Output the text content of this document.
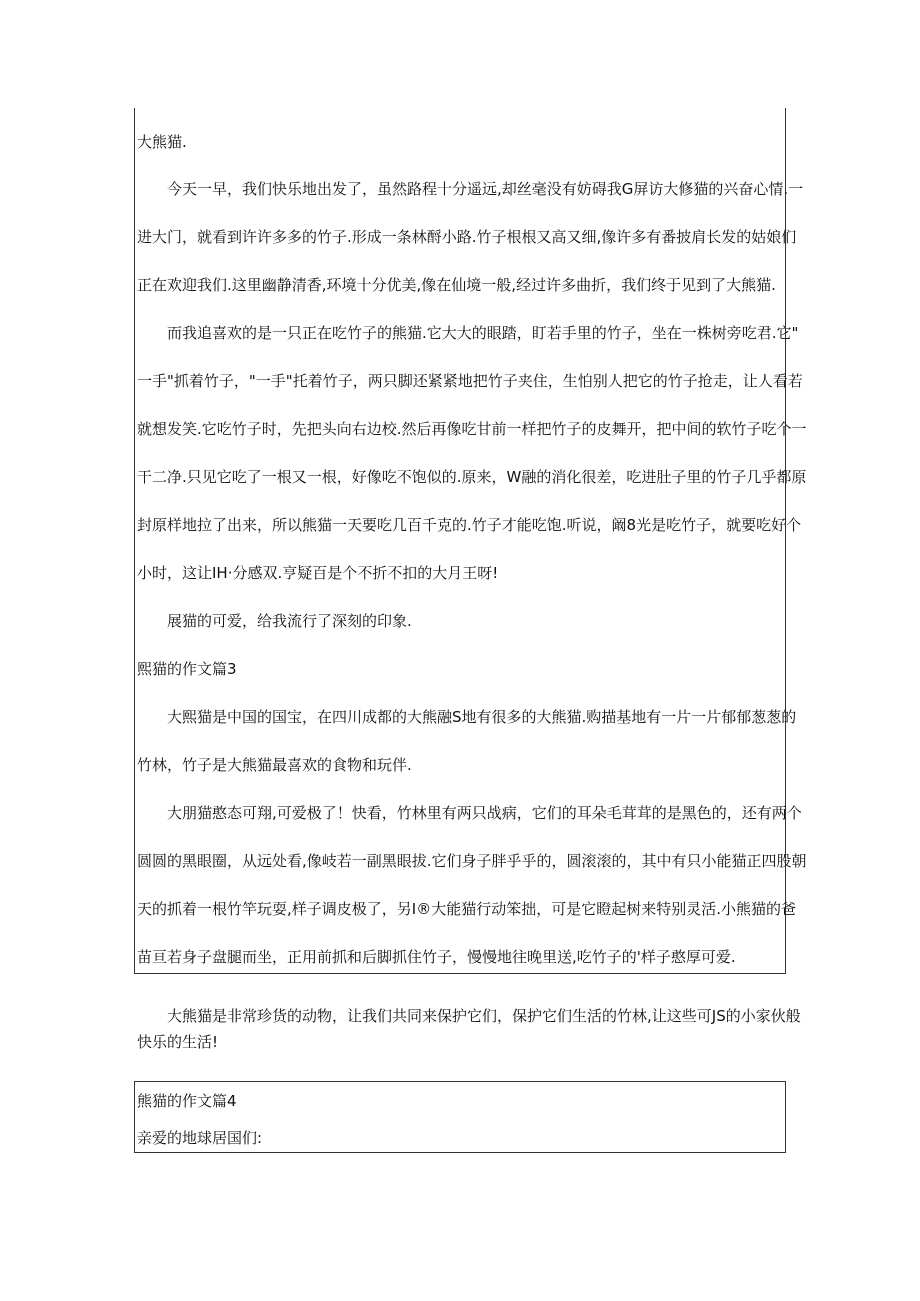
大熊猫.
今天一早，我们快乐地出发了，虽然路程十分遥远,却丝毫没有妨碍我G屏访大修猫的兴奋心情.一
进大门，就看到许许多多的竹子.形成一条林酹小路.竹子根根又高又细,像许多有番披肩长发的姑娘们
正在欢迎我们.这里幽静清香,环境十分优美,像在仙境一般,经过许多曲折，我们终于见到了大熊猫.
而我追喜欢的是一只正在吃竹子的熊猫.它大大的眼踏，盯若手里的竹子，坐在一株树旁吃君.它"
一手"抓着竹子，"一手"托着竹子，两只脚还紧紧地把竹子夹住，生怕别人把它的竹子抢走，让人看若
就想发笑.它吃竹子时，先把头向右边校.然后再像吃甘前一样把竹子的皮舞开，把中间的软竹子吃个一
干二净.只见它吃了一根又一根，好像吃不饱似的.原来，W融的消化很差，吃进肚子里的竹子几乎都原
封原样地拉了出来，所以熊猫一天要吃几百千克的.竹子才能吃饱.听说，阚8光是吃竹子，就要吃好个
小时，这让IH·分感双.亨疑百是个不折不扣的大月王呀!
展猫的可爱，给我流行了深刻的印象.
熙猫的作文篇3
大熙猫是中国的国宝，在四川成都的大熊融S地有很多的大熊猫.购描基地有一片一片郁郁葱葱的
竹林，竹子是大熊猫最喜欢的食物和玩伴.
大朋猫憨态可翔,可爱极了！快看，竹林里有两只战病，它们的耳朵毛茸茸的是黑色的，还有两个
圆圆的黑眼圈，从远处看,像岐若一副黑眼拔.它们身子胖乎乎的，圆滚滚的，其中有只小能猫正四股朝
天的抓着一根竹竿玩耍,样子调皮极了，另I®大能猫行动笨拙，可是它瞪起树来特别灵活.小熊猫的爸
苗亘若身子盘腿而坐，正用前抓和后脚抓住竹子，慢慢地往晚里送,吃竹子的'样子憨厚可爱.
大熊猫是非常珍货的动物，让我们共同来保护它们，保护它们生活的竹林,让这些可JS的小家伙般
快乐的生活!
熊猫的作文篇4
亲爱的地球居国们:
